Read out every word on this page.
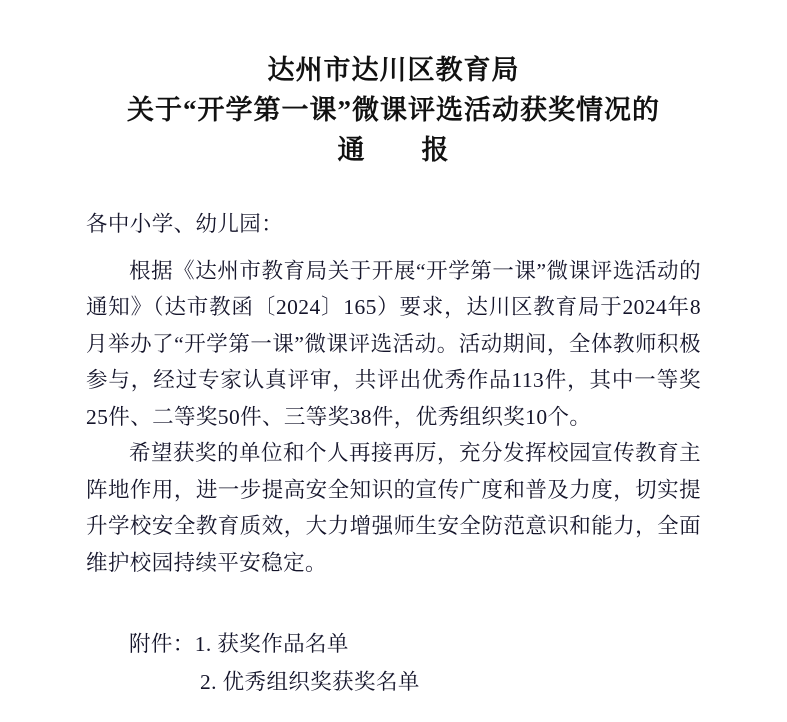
达州市达川区教育局
关于“开学第一课”微课评选活动获奖情况的
通　　报

各中小学、幼儿园：

根据《达州市教育局关于开展“开学第一课”微课评选活动的通知》（达市教函〔2024〕165）要求，达川区教育局于2024年8月举办了“开学第一课”微课评选活动。活动期间，全体教师积极参与，经过专家认真评审，共评出优秀作品113件，其中一等奖25件、二等奖50件、三等奖38件，优秀组织奖10个。

希望获奖的单位和个人再接再厉，充分发挥校园宣传教育主阵地作用，进一步提高安全知识的宣传广度和普及力度，切实提升学校安全教育质效，大力增强师生安全防范意识和能力，全面维护校园持续平安稳定。

附件：1. 获奖作品名单

2. 优秀组织奖获奖名单
